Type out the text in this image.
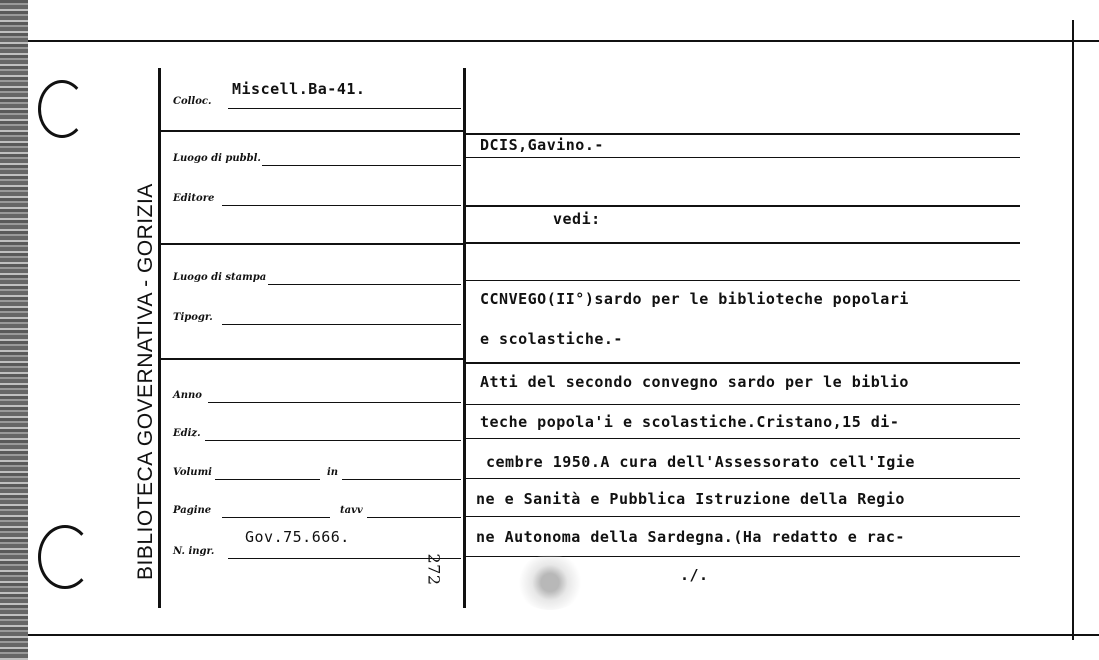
BIBLIOTECA GOVERNATIVA - GORIZIA
Colloc.
Miscell.Ba-41.
Luogo di pubbl.
Editore
Luogo di stampa
Tipogr.
Anno
Ediz.
Volumi	in
Pagine	tavv
N. ingr.
Gov.75.666.
272
DCIS,Gavino.-
vedi:
CCNVEGO(II°)sardo per le biblioteche popolari
e scolastiche.-
Atti del secondo convegno sardo per le biblio
teche popola'i e scolastiche.Cristano,15 di-
cembre 1950.A cura dell'Assessorato cell'Igie
ne e Sanità e Pubblica Istruzione della Regio
ne Autonoma della Sardegna.(Ha redatto e rac-
./.
